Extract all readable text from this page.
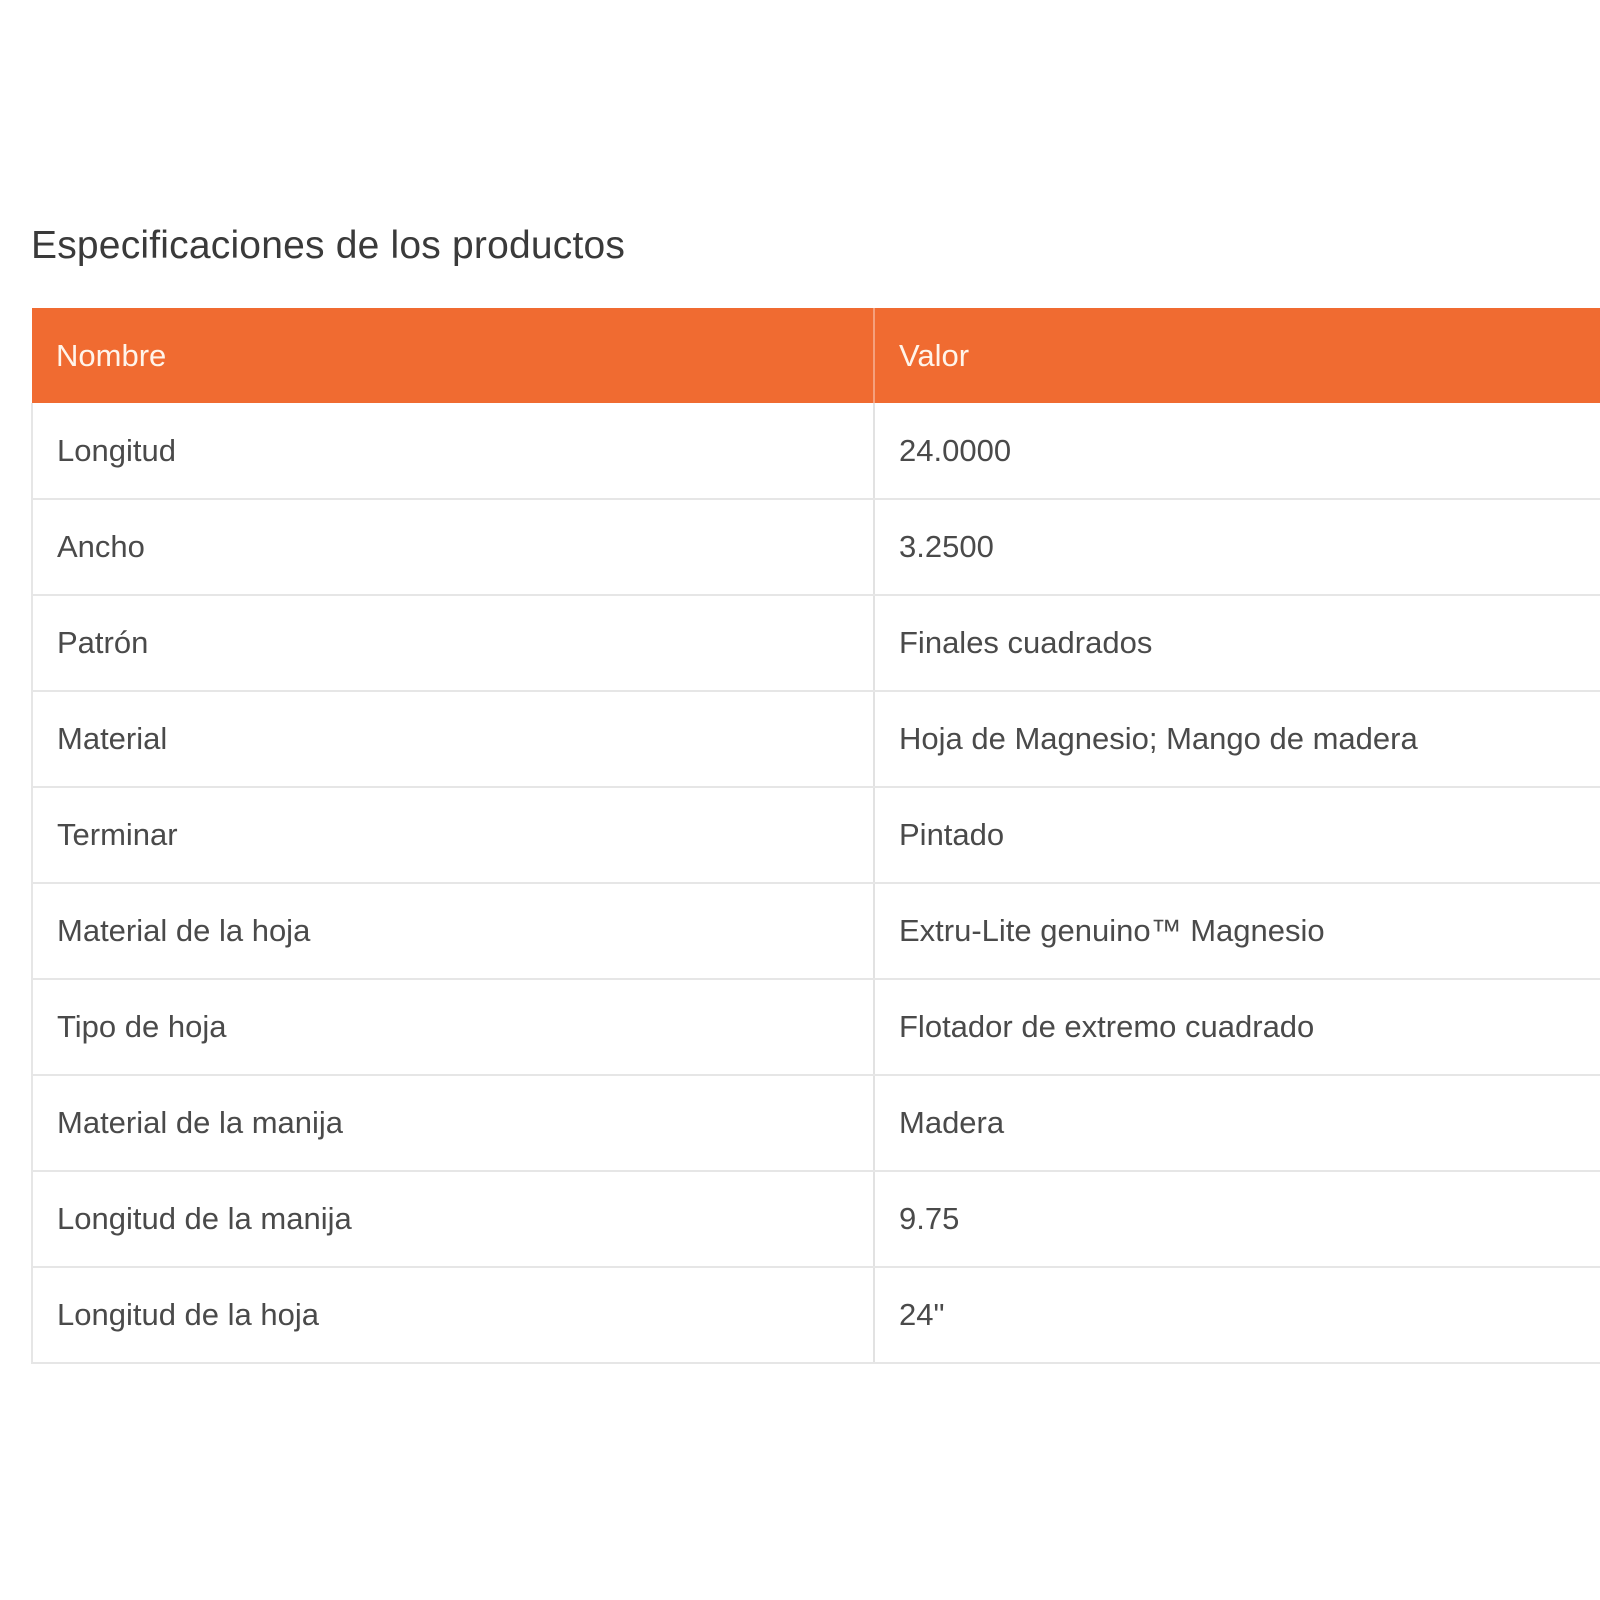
Especificaciones de los productos
Nombre	Valor
Longitud	24.0000
Ancho	3.2500
Patrón	Finales cuadrados
Material	Hoja de Magnesio; Mango de madera
Terminar	Pintado
Material de la hoja	Extru-Lite genuino™ Magnesio
Tipo de hoja	Flotador de extremo cuadrado
Material de la manija	Madera
Longitud de la manija	9.75
Longitud de la hoja	24"
